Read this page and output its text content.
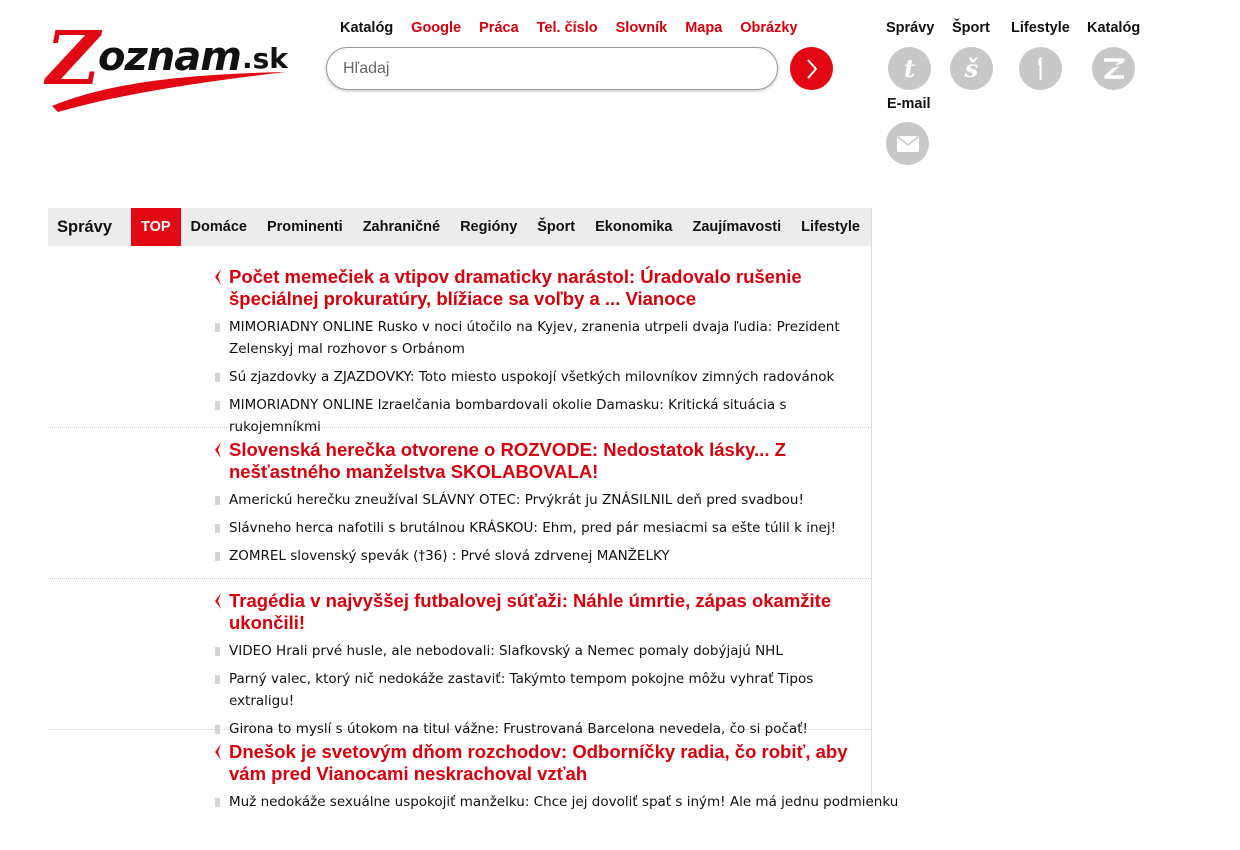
Z oznam .sk
Katalóg Google Práca Tel. číslo Slovník Mapa Obrázky
Hľadaj	Správy
t
Šport
š
Lifestyle Katalóg
E-mail
Správy	TOP	Domáce	Prominenti	Zahraničné	Regióny	Šport	Ekonomika	Zaujímavosti	Lifestyle
Počet memečiek a vtipov dramaticky narástol: Úradovalo rušenie špeciálnej prokuratúry, blížiace sa voľby a ... Vianoce
MIMORIADNY ONLINE Rusko v noci útočilo na Kyjev, zranenia utrpeli dvaja ľudia: Prezident Zelenskyj mal rozhovor s Orbánom
Sú zjazdovky a ZJAZDOVKY: Toto miesto uspokojí všetkých milovníkov zimných radovánok
MIMORIADNY ONLINE Izraelčania bombardovali okolie Damasku: Kritická situácia s rukojemníkmi
Slovenská herečka otvorene o ROZVODE: Nedostatok lásky... Z nešťastného manželstva SKOLABOVALA!
Americkú herečku zneužíval SLÁVNY OTEC: Prvýkrát ju ZNÁSILNIL deň pred svadbou!
Slávneho herca nafotili s brutálnou KRÁSKOU: Ehm, pred pár mesiacmi sa ešte túlil k inej!
ZOMREL slovenský spevák (†36) : Prvé slová zdrvenej MANŽELKY
Tragédia v najvyššej futbalovej súťaži: Náhle úmrtie, zápas okamžite ukončili!
VIDEO Hrali prvé husle, ale nebodovali: Slafkovský a Nemec pomaly dobýjajú NHL
Parný valec, ktorý nič nedokáže zastaviť: Takýmto tempom pokojne môžu vyhrať Tipos extraligu!
Girona to myslí s útokom na titul vážne: Frustrovaná Barcelona nevedela, čo si počať!
Dnešok je svetovým dňom rozchodov: Odborníčky radia, čo robiť, aby vám pred Vianocami neskrachoval vzťah
Muž nedokáže sexuálne uspokojiť manželku: Chce jej dovoliť spať s iným! Ale má jednu podmienku
